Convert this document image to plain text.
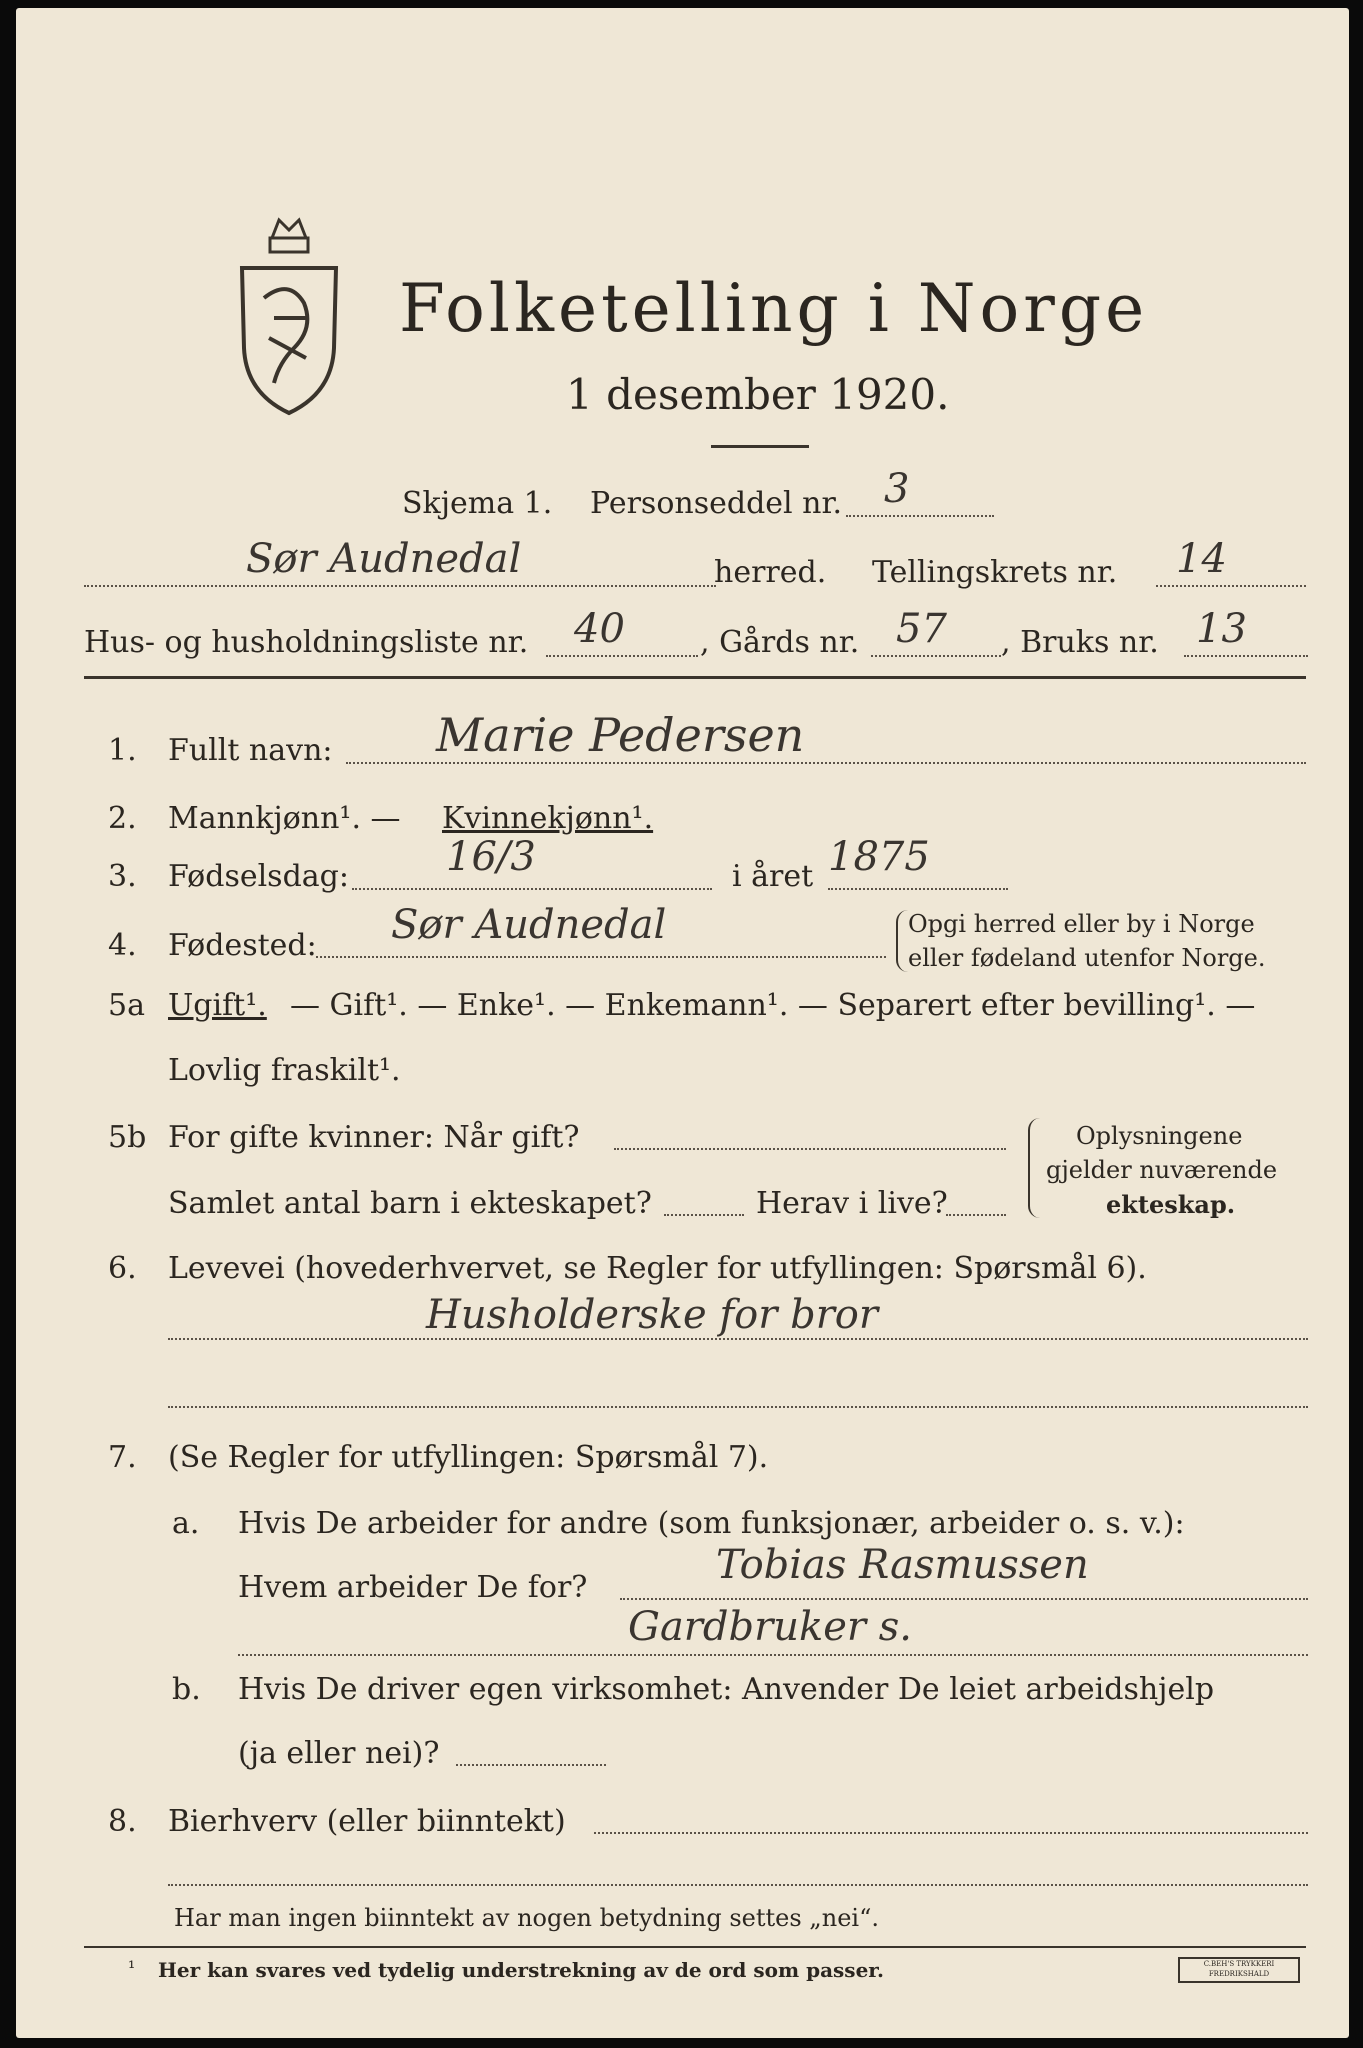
Folketelling i Norge
1 desember 1920.
Skjema 1. Personseddel nr. 3
Sør Audnedal	herred. Tellingskrets nr. 14
Hus- og husholdningsliste nr. 40	, Gårds nr. 57 , Bruks nr. 13
1. Fullt navn: Marie Pedersen
2. Mannkjønn¹. — Kvinnekjønn¹.
3. Fødselsdag: 16/3	i året 1875
4. Fødested: Sør Audnedal	Opgi herred eller by i Norge
eller fødeland utenfor Norge.
5a Ugift¹. — Gift¹. — Enke¹. — Enkemann¹. — Separert efter bevilling¹. —
Lovlig fraskilt¹.
5b For gifte kvinner: Når gift?
Samlet antal barn i ekteskapet?	Herav i live?
Oplysningene
gjelder nuværende
ekteskap.
6. Levevei (hovederhvervet, se Regler for utfyllingen: Spørsmål 6).
Husholderske for bror
7. (Se Regler for utfyllingen: Spørsmål 7).
a. Hvis De arbeider for andre (som funksjonær, arbeider o. s. v.):
Hvem arbeider De for?	Tobias Rasmussen
Gardbruker s.
b. Hvis De driver egen virksomhet: Anvender De leiet arbeidshjelp
(ja eller nei)?
8. Bierhverv (eller biinntekt)
Har man ingen biinntekt av nogen betydning settes „nei“.
¹ Her kan svares ved tydelig understrekning av de ord som passer.	C.BEH'S TRYKKERI FREDRIKSHALD
